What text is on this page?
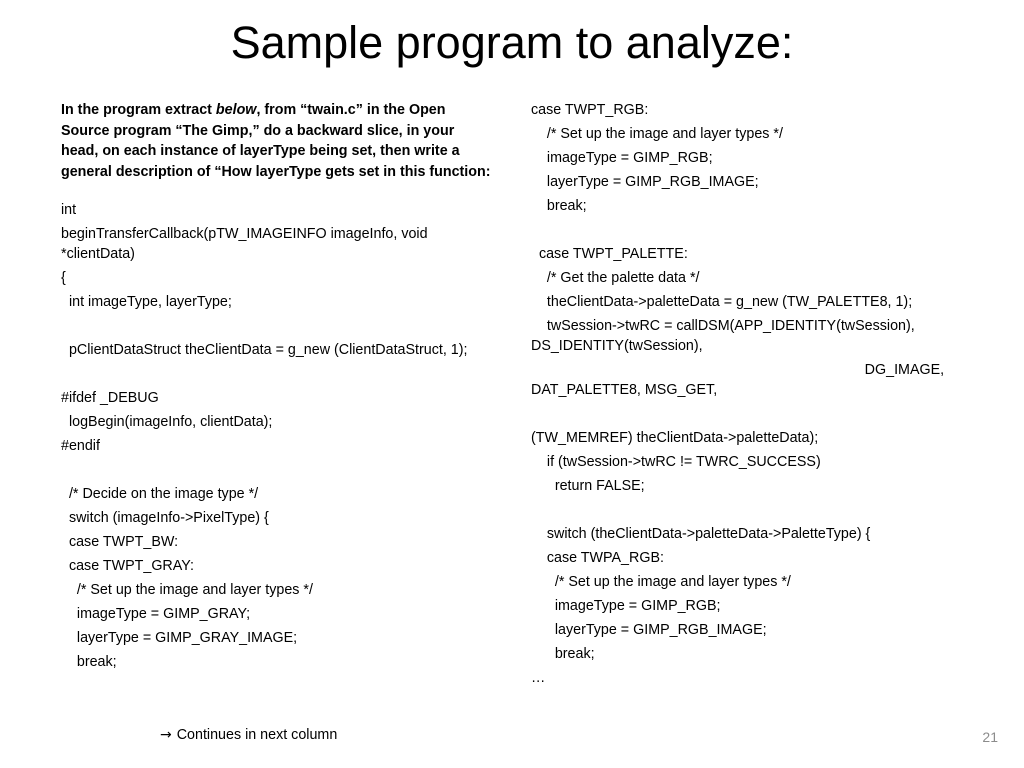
Sample program to analyze:

In the program extract below, from “twain.c” in the Open Source program “The Gimp,” do a backward slice, in your head, on each instance of layerType being set, then write a general description of “How layerType gets set in this function:

int
beginTransferCallback(pTW_IMAGEINFO imageInfo, void *clientData)
{
int imageType, layerType;
pClientDataStruct theClientData = g_new (ClientDataStruct, 1);
#ifdef _DEBUG
logBegin(imageInfo, clientData);
#endif
/* Decide on the image type */
switch (imageInfo->PixelType) {
case TWPT_BW:
case TWPT_GRAY:
/* Set up the image and layer types */
imageType = GIMP_GRAY;
layerType = GIMP_GRAY_IMAGE;
break;
→ Continues in next column
case TWPT_RGB:
/* Set up the image and layer types */
imageType = GIMP_RGB;
layerType = GIMP_RGB_IMAGE;
break;
case TWPT_PALETTE:
/* Get the palette data */
theClientData->paletteData = g_new (TW_PALETTE8, 1);
twSession->twRC = callDSM(APP_IDENTITY(twSession), DS_IDENTITY(twSession),
DG_IMAGE, DAT_PALETTE8, MSG_GET,
(TW_MEMREF) theClientData->paletteData);
if (twSession->twRC != TWRC_SUCCESS)
return FALSE;
switch (theClientData->paletteData->PaletteType) {
case TWPA_RGB:
/* Set up the image and layer types */
imageType = GIMP_RGB;
layerType = GIMP_RGB_IMAGE;
break;
…
21
